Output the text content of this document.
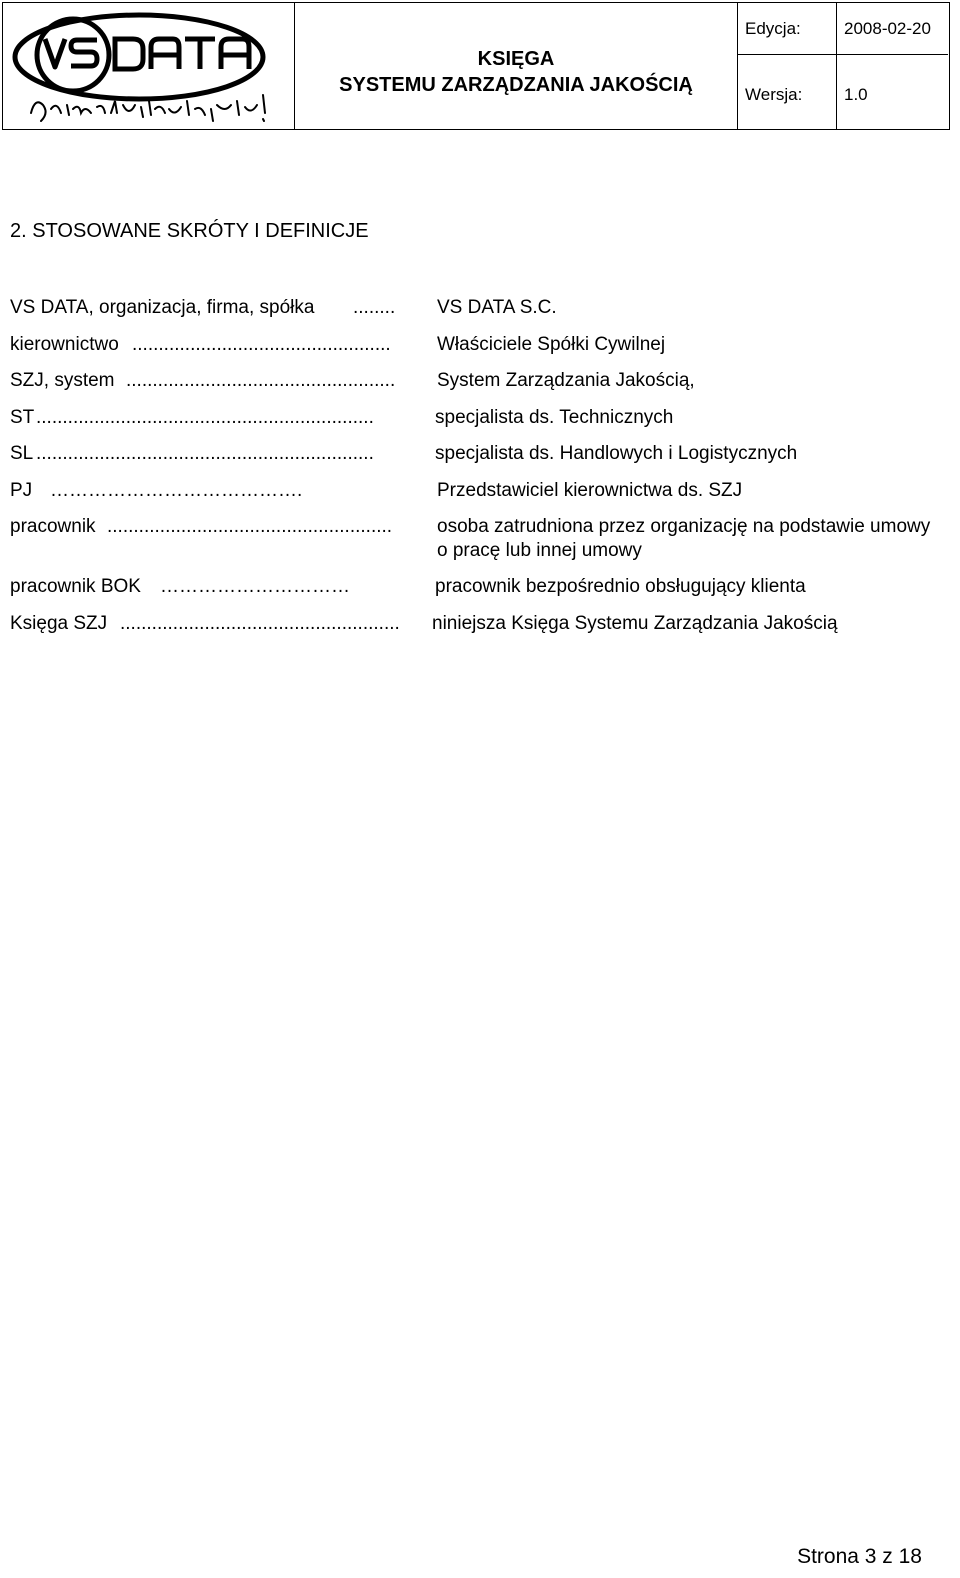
KSIĘGA
SYSTEMU ZARZĄDZANIA JAKOŚCIĄ
Edycja:	2008-02-20
Wersja: 1.0
2. STOSOWANE SKRÓTY I DEFINICJE
VS DATA, organizacja, firma, spółka ........	VS DATA S.C.
kierownictwo .................................................	Właściciele Spółki Cywilnej
SZJ, system ...................................................	System Zarządzania Jakością,
ST ................................................................	specjalista ds. Technicznych
SL ................................................................	specjalista ds. Handlowych i Logistycznych
PJ ………………………………….	Przedstawiciel kierownictwa ds. SZJ
pracownik ......................................................	osoba zatrudniona przez organizację na podstawie umowy o pracę lub innej umowy
pracownik BOK …………………………	pracownik bezpośrednio obsługujący klienta
Księga SZJ .....................................................	niniejsza Księga Systemu Zarządzania Jakością
Strona 3 z 18
